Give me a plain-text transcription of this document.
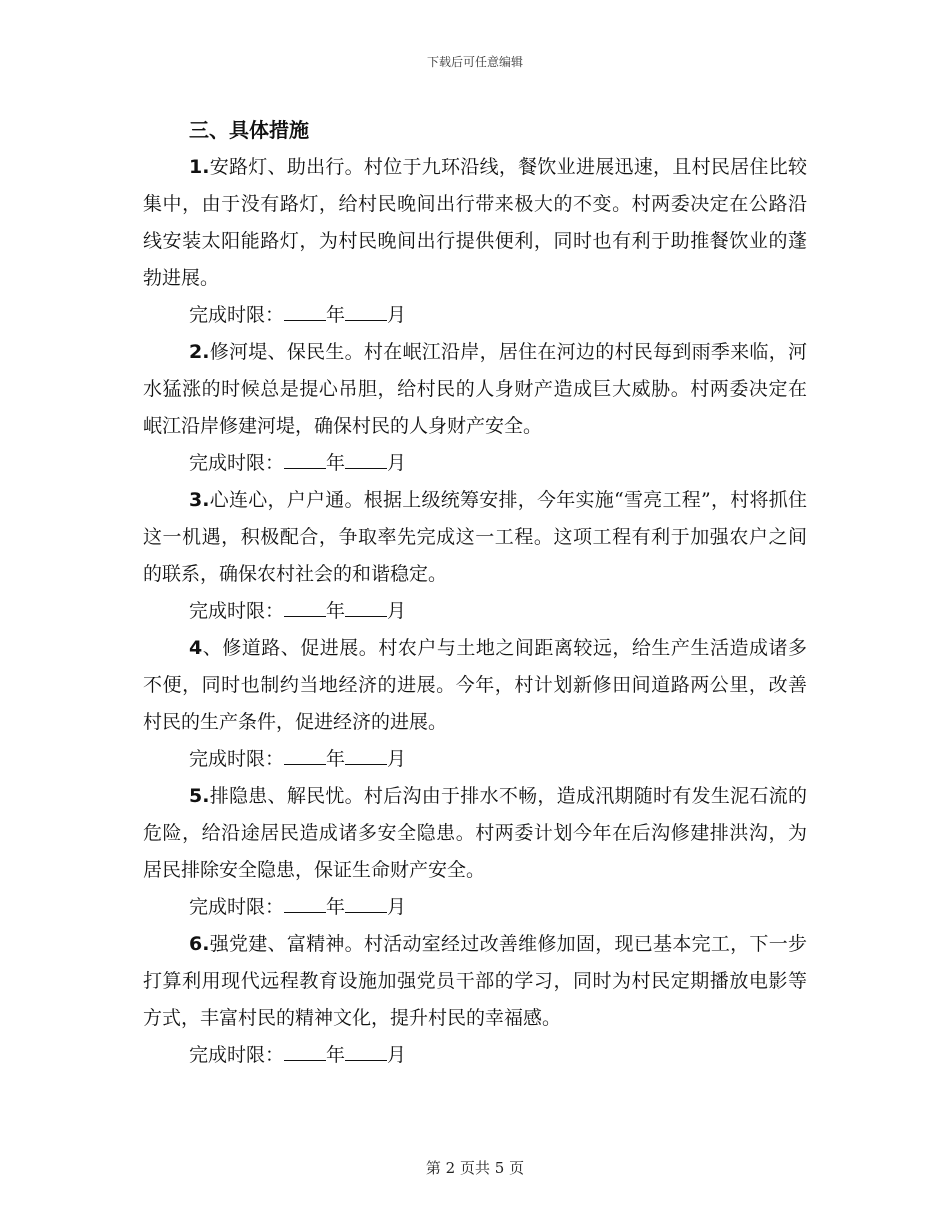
下载后可任意编辑
三、具体措施

1.安路灯、助出行。村位于九环沿线，餐饮业进展迅速，且村民居住比较集中，由于没有路灯，给村民晚间出行带来极大的不变。村两委决定在公路沿线安装太阳能路灯，为村民晚间出行提供便利，同时也有利于助推餐饮业的蓬勃进展。

完成时限： 年 月

2.修河堤、保民生。村在岷江沿岸，居住在河边的村民每到雨季来临，河水猛涨的时候总是提心吊胆，给村民的人身财产造成巨大威胁。村两委决定在岷江沿岸修建河堤，确保村民的人身财产安全。

完成时限： 年 月

3.心连心，户户通。根据上级统筹安排，今年实施“雪亮工程”，村将抓住这一机遇，积极配合，争取率先完成这一工程。这项工程有利于加强农户之间的联系，确保农村社会的和谐稳定。

完成时限： 年 月

4、修道路、促进展。村农户与土地之间距离较远，给生产生活造成诸多不便，同时也制约当地经济的进展。今年，村计划新修田间道路两公里，改善村民的生产条件，促进经济的进展。

完成时限： 年 月

5.排隐患、解民忧。村后沟由于排水不畅，造成汛期随时有发生泥石流的危险，给沿途居民造成诸多安全隐患。村两委计划今年在后沟修建排洪沟，为居民排除安全隐患，保证生命财产安全。

完成时限： 年 月

6.强党建、富精神。村活动室经过改善维修加固，现已基本完工，下一步打算利用现代远程教育设施加强党员干部的学习，同时为村民定期播放电影等方式，丰富村民的精神文化，提升村民的幸福感。

完成时限： 年 月
第 2 页共 5 页
